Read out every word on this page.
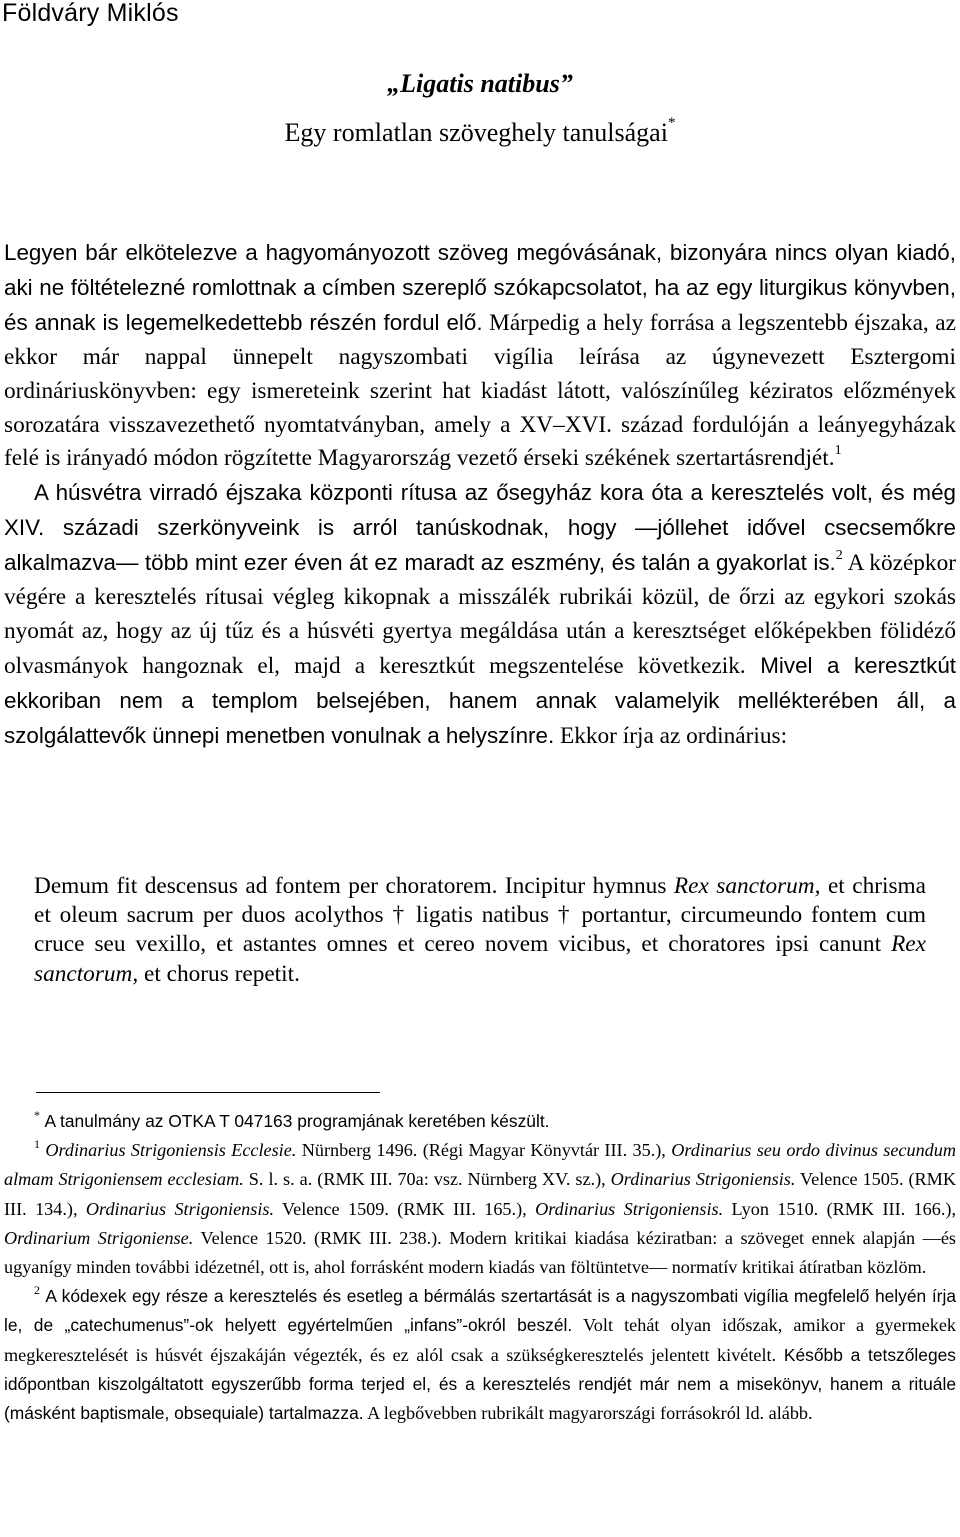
Földváry Miklós
„Ligatis natibus”
Egy romlatlan szöveghely tanulságai*

Legyen bár elkötelezve a hagyományozott szöveg megóvásának, bizonyára nincs olyan kiadó, aki ne föltételezné romlottnak a címben szereplő szókapcsolatot, ha az egy liturgikus könyvben, és annak is legemelkedettebb részén fordul elő. Márpedig a hely forrása a legszentebb éjszaka, az ekkor már nappal ünnepelt nagyszombati vigília leírása az úgynevezett Esztergomi ordináriuskönyvben: egy ismereteink szerint hat kiadást látott, valószínűleg kéziratos előzmények sorozatára visszavezethető nyomtatványban, amely a XV–XVI. század fordulóján a leányegyházak felé is irányadó módon rögzítette Magyarország vezető érseki székének szertartásrendjét.$^1$

A húsvétra virradó éjszaka központi rítusa az ősegyház kora óta a keresztelés volt, és még XIV. századi szerkönyveink is arról tanúskodnak, hogy —jóllehet idővel csecsemőkre alkalmazva— több mint ezer éven át ez maradt az eszmény, és talán a gyakorlat is.$^2$ A középkor végére a keresztelés rítusai végleg kikopnak a misszálék rubrikái közül, de őrzi az egykori szokás nyomát az, hogy az új tűz és a húsvéti gyertya megáldása után a keresztséget előképekben fölidéző olvasmányok hangoznak el, majd a keresztkút megszentelése következik. Mivel a keresztkút ekkoriban nem a templom belsejében, hanem annak valamelyik mellékterében áll, a szolgálattevők ünnepi menetben vonulnak a helyszínre. Ekkor írja az ordinárius:

Demum fit descensus ad fontem per choratorem. Incipitur hymnus Rex sanctorum, et chrisma et oleum sacrum per duos acolythos † ligatis natibus † portantur, circumeundo fontem cum cruce seu vexillo, et astantes omnes et cereo novem vicibus, et choratores ipsi canunt Rex sanctorum, et chorus repetit.

* A tanulmány az OTKA T 047163 programjának keretében készült.

$^1$ Ordinarius Strigoniensis Ecclesie. Nürnberg 1496. (Régi Magyar Könyvtár III. 35.), Ordinarius seu ordo divinus secundum almam Strigoniensem ecclesiam. S. l. s. a. (RMK III. 70a: vsz. Nürnberg XV. sz.), Ordinarius Strigoniensis. Velence 1505. (RMK III. 134.), Ordinarius Strigoniensis. Velence 1509. (RMK III. 165.), Ordinarius Strigoniensis. Lyon 1510. (RMK III. 166.), Ordinarium Strigoniense. Velence 1520. (RMK III. 238.). Modern kritikai kiadása kéziratban: a szöveget ennek alapján —és ugyanígy minden további idézetnél, ott is, ahol forrásként modern kiadás van föltüntetve— normatív kritikai átíratban közlöm.

$^2$ A kódexek egy része a keresztelés és esetleg a bérmálás szertartását is a nagyszombati vigília megfelelő helyén írja le, de „catechumenus”-ok helyett egyértelműen „infans”-okról beszél. Volt tehát olyan időszak, amikor a gyermekek megkeresztelését is húsvét éjszakáján végezték, és ez alól csak a szükségkeresztelés jelentett kivételt. Később a tetszőleges időpontban kiszolgáltatott egyszerűbb forma terjed el, és a keresztelés rendjét már nem a misekönyv, hanem a rituále (másként baptismale, obsequiale) tartalmazza. A legbővebben rubrikált magyarországi forrásokról ld. alább.
